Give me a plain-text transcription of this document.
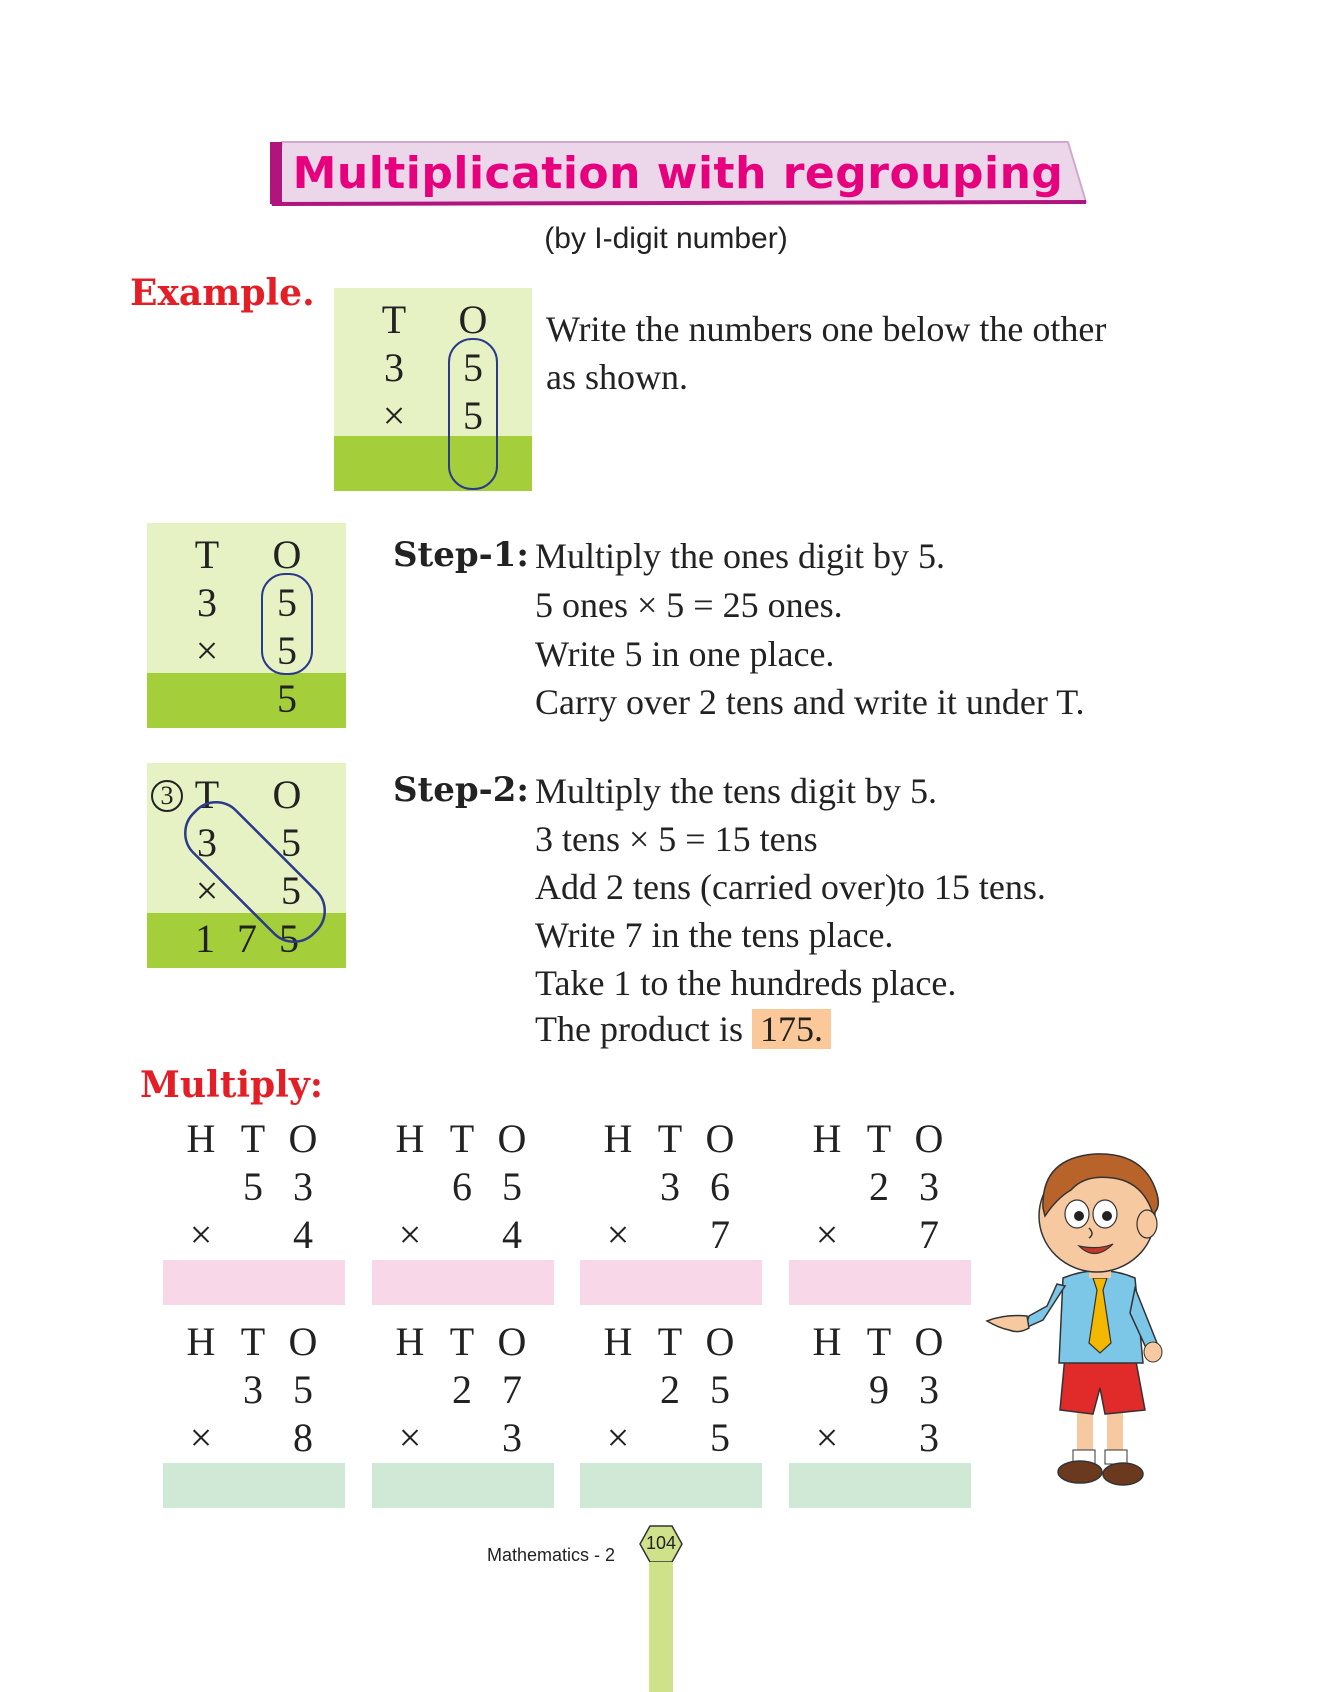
Multiplication with regrouping
(by I-digit number)
Example.
T O
3 5
× 5
Write the numbers one below the other
as shown.
T O
3 5
× 5
5
Step-1: Multiply the ones digit by 5.
5 ones × 5 = 25 ones.
Write 5 in one place.
Carry over 2 tens and write it under T.
3 T O
3 5
× 5
1 7 5
Step-2: Multiply the tens digit by 5.
3 tens × 5 = 15 tens
Add 2 tens (carried over)to 15 tens.
Write 7 in the tens place.
Take 1 to the hundreds place.
The product is 175.
Multiply:
H T O
5 3
× 4
H T O
6 5
× 4
H T O
3 6
× 7
H T O
2 3
× 7
H T O
3 5
× 8
H T O
2 7
× 3
H T O
2 5
× 5
H T O
9 3
× 3
Mathematics - 2
104
